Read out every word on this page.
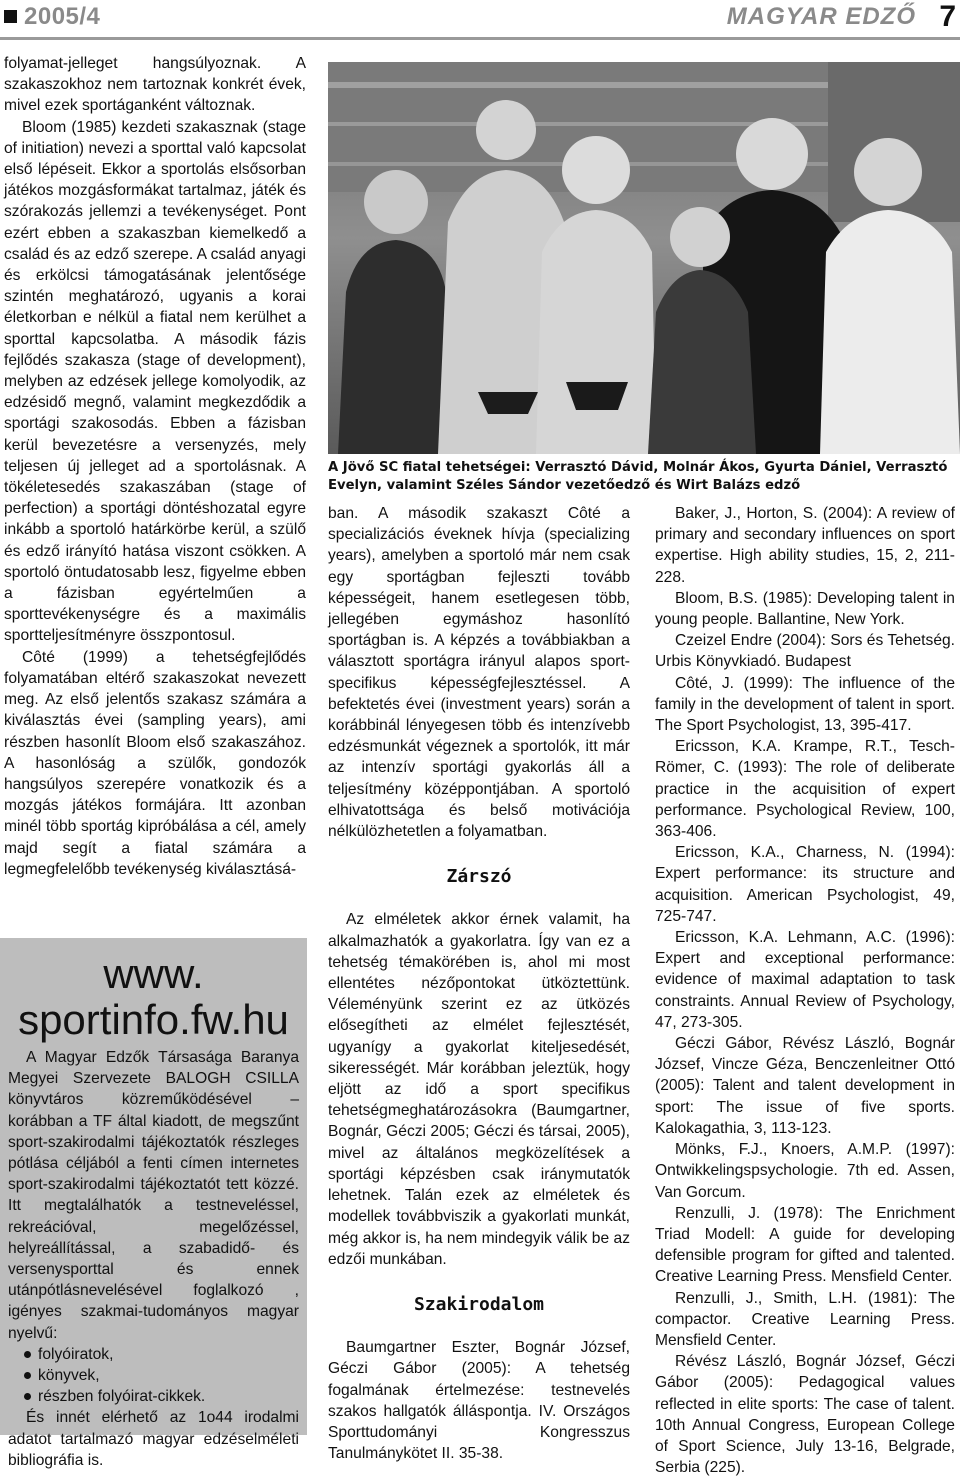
2005/4	MAGYAR EDZŐ 7

folyamat-jelleget hangsúlyoznak. A szakaszokhoz nem tartoznak konkrét évek, mivel ezek sportáganként változnak.

Bloom (1985) kezdeti szakasznak (stage of initiation) nevezi a sporttal való kapcsolat első lépéseit. Ekkor a sportolás elsősorban játékos mozgásformákat tartalmaz, játék és szórakozás jellemzi a tevékenységet. Pont ezért ebben a szakaszban kiemelkedő a család és az edző szerepe. A család anyagi és erkölcsi támogatásának jelentősége szintén meghatározó, ugyanis a korai életkorban e nélkül a fiatal nem kerülhet a sporttal kapcsolatba. A második fázis fejlődés szakasza (stage of development), melyben az edzések jellege komolyodik, az edzésidő megnő, valamint megkezdődik a sportági szakosodás. Ebben a fázisban kerül bevezetésre a versenyzés, mely teljesen új jelleget ad a sportolásnak. A tökéletesedés szakaszában (stage of perfection) a sportági döntéshozatal egyre inkább a sportoló határkörbe kerül, a szülő és edző irányító hatása viszont csökken. A sportoló öntudatosabb lesz, figyelme ebben a fázisban egyértelműen a sporttevékenységre és a maximális sportteljesítményre összpontosul.

Côté (1999) a tehetségfejlődés folyamatában eltérő szakaszokat nevezett meg. Az első jelentős szakasz számára a kiválasztás évei (sampling years), ami részben hasonlít Bloom első szakaszához. A hasonlóság a szülők, gondozók hangsúlyos szerepére vonatkozik és a mozgás játékos formájára. Itt azonban minél több sportág kipróbálása a cél, amely majd segít a fiatal számára a legmegfelelőbb tevékenység kiválasztásá-

www.
sportinfo.fw.hu

A Magyar Edzők Társasága Baranya Megyei Szervezete BALOGH CSILLA könyvtáros közreműködésével – korábban a TF által kiadott, de megszűnt sport-szakirodalmi tájékoztatók részleges pótlása céljából a fenti címen internetes sport-szakirodalmi tájékoztatót tett közzé. Itt megtalálhatók a testneveléssel, rekreációval, megelőzéssel, helyreállítással, a szabadidő- és versenysporttal és ennek utánpótlásnevelésével foglalkozó , igényes szakmai-tudományos magyar nyelvű:

folyóiratok,
könyvek,
részben folyóirat-cikkek.

És innét elérhető az 1o44 irodalmi adatot tartalmazó magyar edzéselméleti bibliográfia is.

A Jövő SC fiatal tehetségei: Verrasztó Dávid, Molnár Ákos, Gyurta Dániel, Verrasztó Evelyn, valamint Széles Sándor vezetőedző és Wirt Balázs edző

ban. A második szakaszt Côté a specializációs éveknek hívja (specializing years), amelyben a sportoló már nem csak egy sportágban fejleszti tovább képességeit, hanem esetlegesen több, jellegében egymáshoz hasonlító sportágban is. A képzés a továbbiakban a választott sportágra irányul alapos sport-specifikus képességfejlesztéssel. A befektetés évei (investment years) során a korábbinál lényegesen több és intenzívebb edzésmunkát végeznek a sportolók, itt már az intenzív sportági gyakorlás áll a teljesítmény középpontjában. A sportoló elhivatottsága és belső motivációja nélkülözhetetlen a folyamatban.

Zárszó

Az elméletek akkor érnek valamit, ha alkalmazhatók a gyakorlatra. Így van ez a tehetség témakörében is, ahol mi most ellentétes nézőpontokat ütköztettünk. Véleményünk szerint ez az ütközés elősegítheti az elmélet fejlesztését, ugyanígy a gyakorlat kiteljesedését, sikerességét. Már korábban jeleztük, hogy eljött az idő a sport specifikus tehetségmeghatározásokra (Baumgartner, Bognár, Géczi 2005; Géczi és társai, 2005), mivel az általános megközelítések a sportági képzésben csak iránymutatók lehetnek. Talán ezek az elméletek és modellek továbbviszik a gyakorlati munkát, még akkor is, ha nem mindegyik válik be az edzői munkában.

Szakirodalom

Baumgartner Eszter, Bognár József, Géczi Gábor (2005): A tehetség fogalmának értelmezése: testnevelés szakos hallgatók álláspontja. IV. Országos Sporttudományi Kongresszus Tanulmánykötet II. 35-38.

Baker, J., Horton, S. (2004): A review of primary and secondary influences on sport expertise. High ability studies, 15, 2, 211-228.

Bloom, B.S. (1985): Developing talent in young people. Ballantine, New York.

Czeizel Endre (2004): Sors és Tehetség. Urbis Könyvkiadó. Budapest

Côté, J. (1999): The influence of the family in the development of talent in sport. The Sport Psychologist, 13, 395-417.

Ericsson, K.A. Krampe, R.T., Tesch-Römer, C. (1993): The role of deliberate practice in the acquisition of expert performance. Psychological Review, 100, 363-406.

Ericsson, K.A., Charness, N. (1994): Expert performance: its structure and acquisition. American Psychologist, 49, 725-747.

Ericsson, K.A. Lehmann, A.C. (1996): Expert and exceptional performance: evidence of maximal adaptation to task constraints. Annual Review of Psychology, 47, 273-305.

Géczi Gábor, Révész László, Bognár József, Vincze Géza, Benczenleitner Ottó (2005): Talent and talent development in sport: The issue of five sports. Kalokagathia, 3, 113-123.

Mönks, F.J., Knoers, A.M.P. (1997): Ontwikkelingspsychologie. 7th ed. Assen, Van Gorcum.

Renzulli, J. (1978): The Enrichment Triad Modell: A guide for developing defensible program for gifted and talented. Creative Learning Press. Mensfield Center.

Renzulli, J., Smith, L.H. (1981): The compactor. Creative Learning Press. Mensfield Center.

Révész László, Bognár József, Géczi Gábor (2005): Pedagogical values reflected in elite sports: The case of talent. 10th Annual Congress, European College of Sport Science, July 13-16, Belgrade, Serbia (225).
